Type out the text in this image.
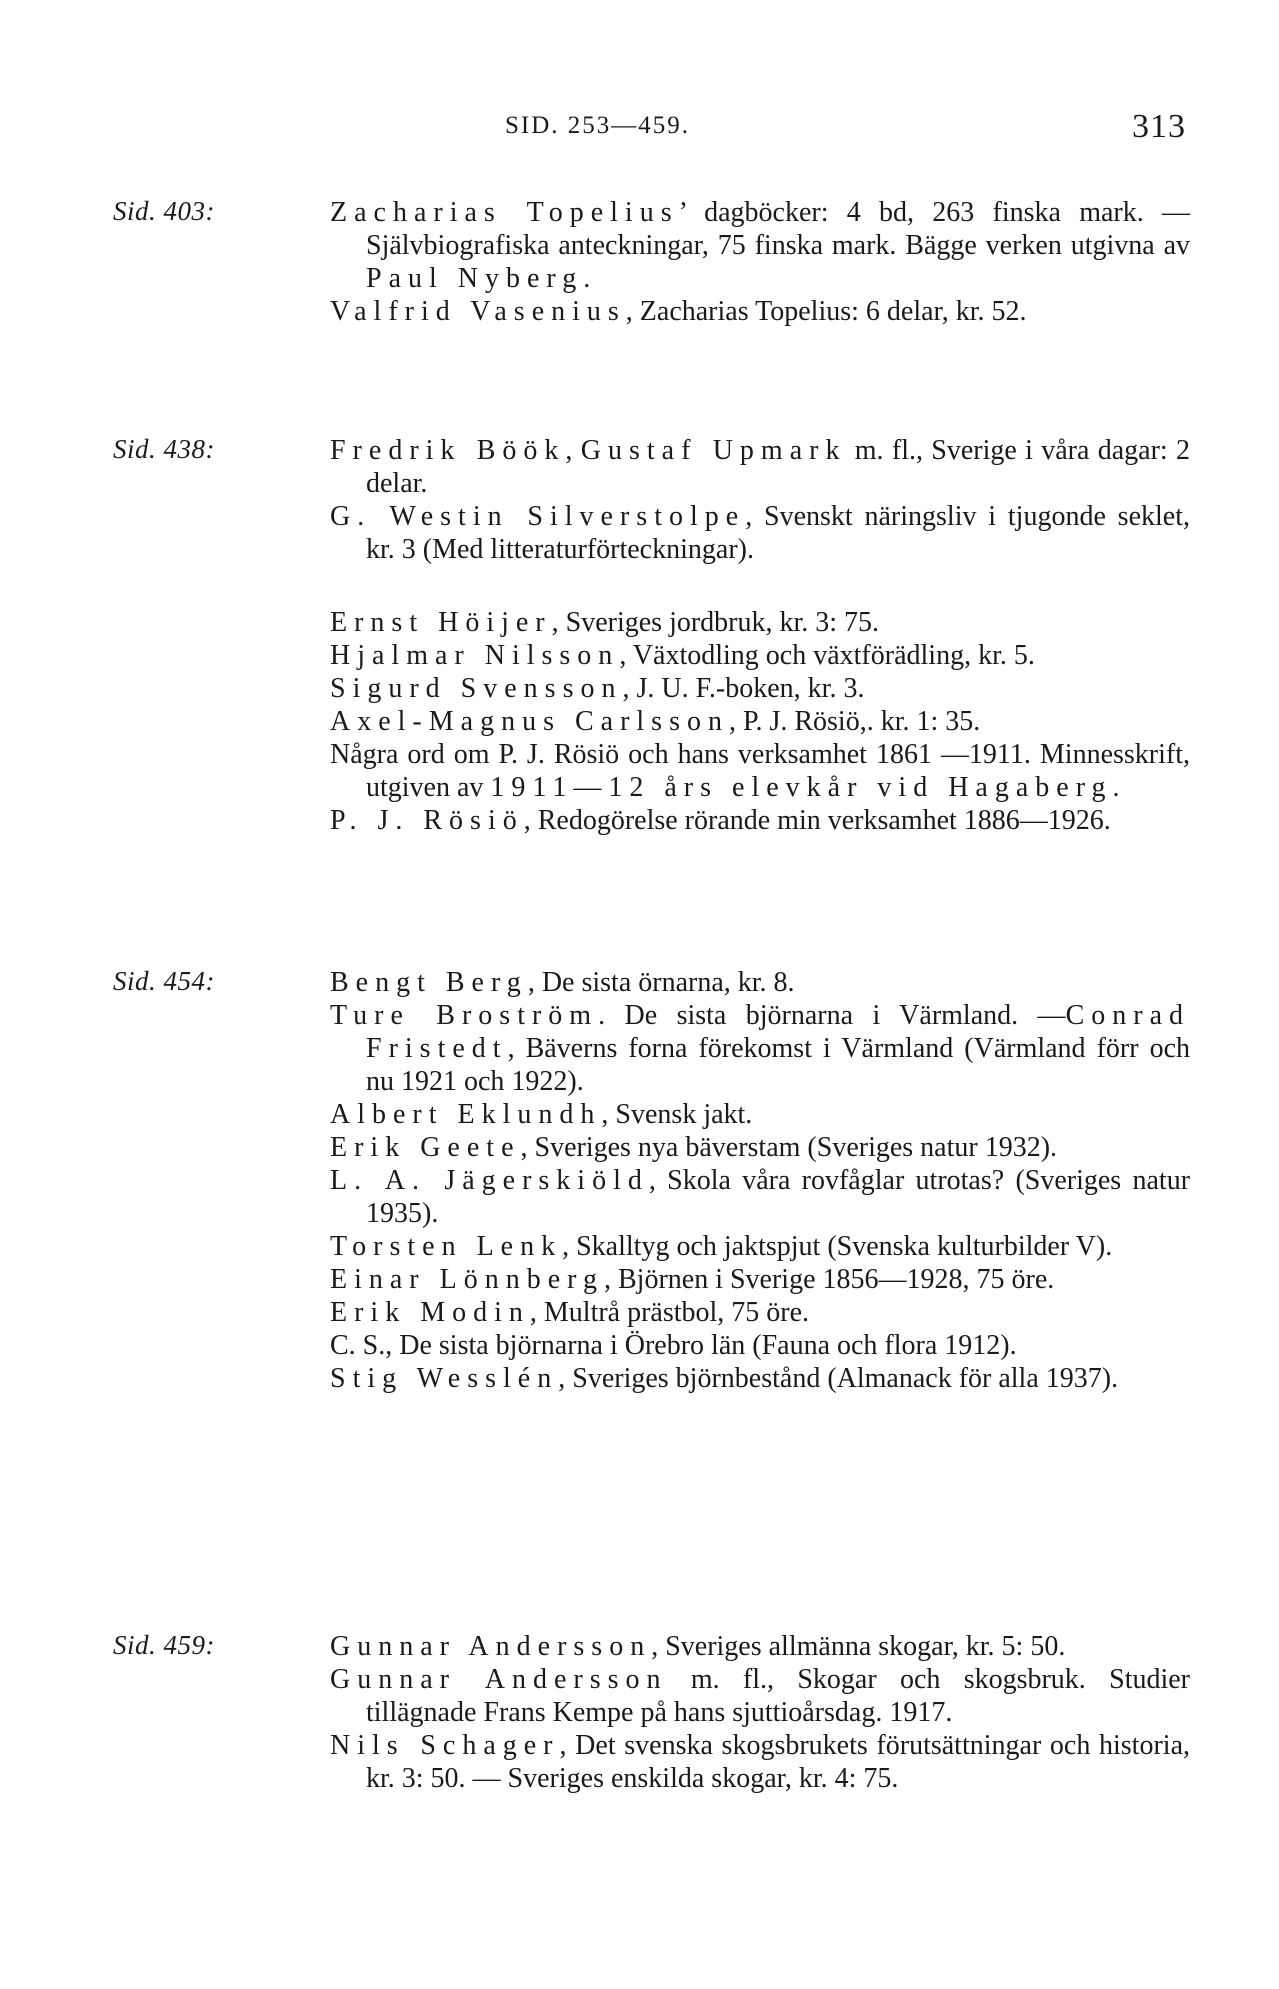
SID. 253—459.	313
Sid. 403:	Zacharias Topelius’ dagböcker: 4 bd, 263 finska mark. — Självbiografiska anteckningar, 75 finska mark. Bägge verken utgivna av Paul Nyberg.
Valfrid Vasenius, Zacharias Topelius: 6 delar, kr. 52.
Sid. 438:	Fredrik Böök, Gustaf Upmark m. fl., Sverige i våra dagar: 2 delar.
G. Westin Silverstolpe, Svenskt näringsliv i tjugonde seklet, kr. 3 (Med litteraturförteckningar).
Ernst Höijer, Sveriges jordbruk, kr. 3: 75.
Hjalmar Nilsson, Växtodling och växtförädling, kr. 5.
Sigurd Svensson, J. U. F.-boken, kr. 3.
Axel-Magnus Carlsson, P. J. Rösiö,. kr. 1: 35.
Några ord om P. J. Rösiö och hans verksamhet 1861 —1911. Minnesskrift, utgiven av 1911—12 års elevkår vid Hagaberg.
P. J. Rösiö, Redogörelse rörande min verksamhet 1886—1926.
Sid. 454:	Bengt Berg, De sista örnarna, kr. 8.
Ture Broström. De sista björnarna i Värmland. —Conrad Fristedt, Bäverns forna förekomst i Värmland (Värmland förr och nu 1921 och 1922).
Albert Eklundh, Svensk jakt.
Erik Geete, Sveriges nya bäverstam (Sveriges natur 1932).
L. A. Jägerskiöld, Skola våra rovfåglar utrotas? (Sveriges natur 1935).
Torsten Lenk, Skalltyg och jaktspjut (Svenska kulturbilder V).
Einar Lönnberg, Björnen i Sverige 1856—1928, 75 öre.
Erik Modin, Multrå prästbol, 75 öre.
C. S., De sista björnarna i Örebro län (Fauna och flora 1912).
Stig Wesslén, Sveriges björnbestånd (Almanack för alla 1937).
Sid. 459:	Gunnar Andersson, Sveriges allmänna skogar, kr. 5: 50.
Gunnar Andersson m. fl., Skogar och skogsbruk. Studier tillägnade Frans Kempe på hans sjuttioårsdag. 1917.
Nils Schager, Det svenska skogsbrukets förutsättningar och historia, kr. 3: 50. — Sveriges enskilda skogar, kr. 4: 75.
